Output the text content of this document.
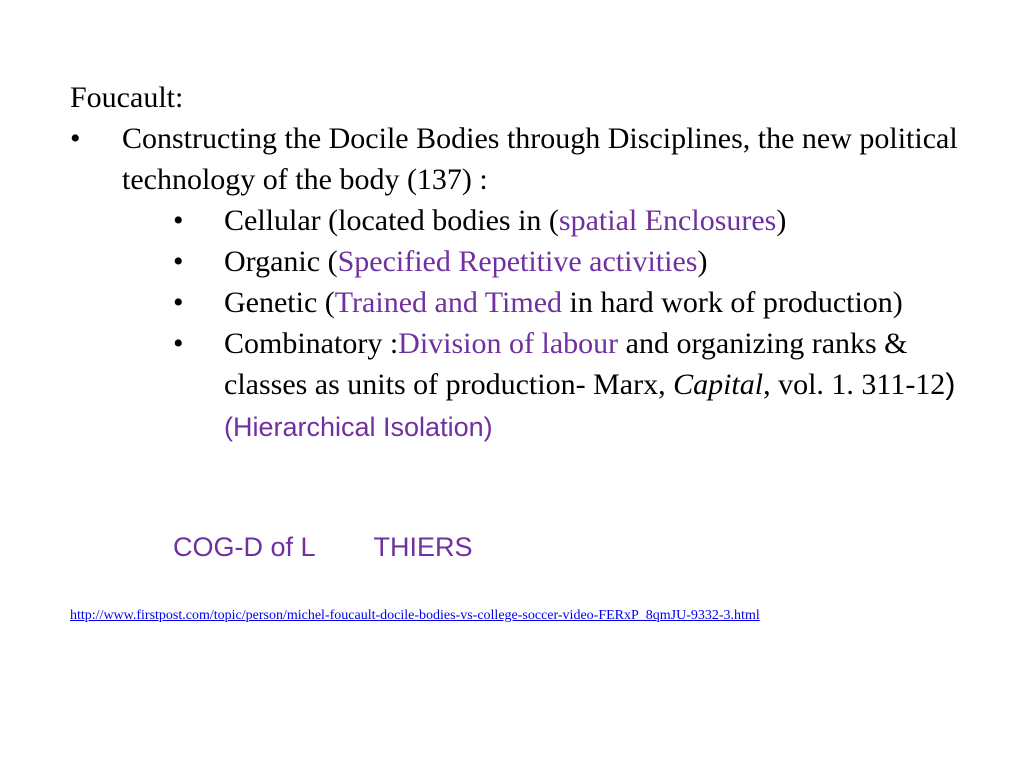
Foucault:
• Constructing the Docile Bodies through Disciplines, the new political technology of the body (137) :
• Cellular (located bodies in (spatial Enclosures)
• Organic (Specified Repetitive activities)
• Genetic (Trained and Timed in hard work of production)
• Combinatory :Division of labour and organizing ranks & classes as units of production- Marx, Capital, vol. 1. 311-12) (Hierarchical Isolation)
COG-D of L THIERS
http://www.firstpost.com/topic/person/michel-foucault-docile-bodies-vs-college-soccer-video-FERxP_8qmJU-9332-3.html
